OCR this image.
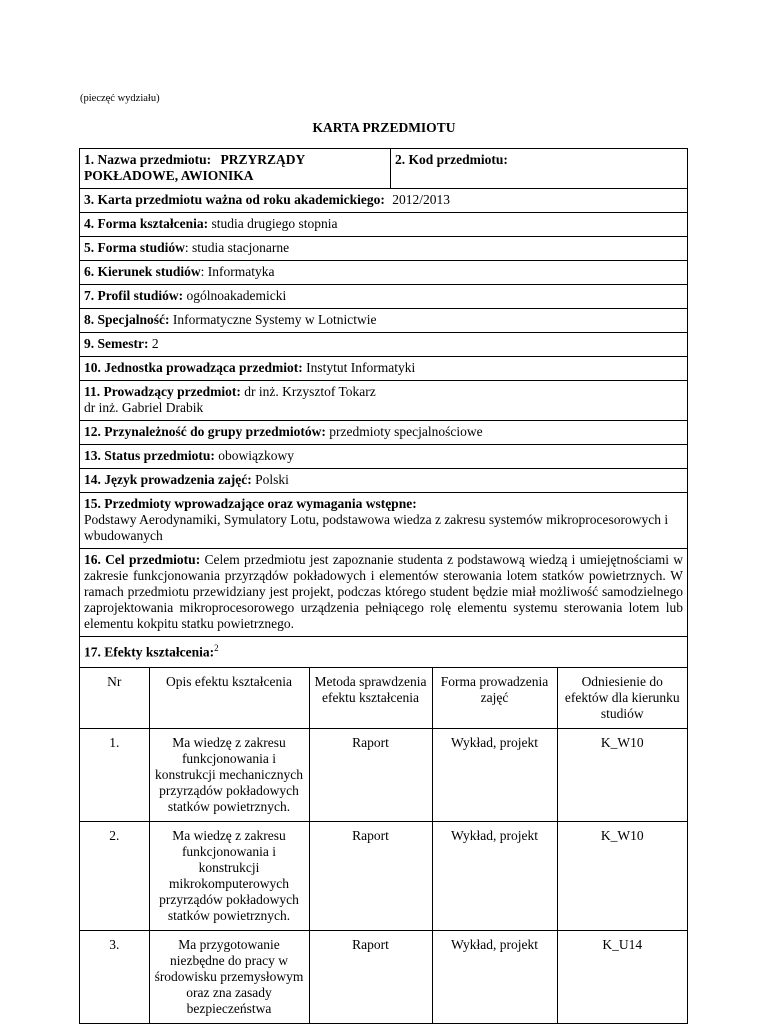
(pieczęć wydziału)
KARTA PRZEDMIOTU
1. Nazwa przedmiotu: PRZYRZĄDY
POKŁADOWE, AWIONIKA
2. Kod przedmiotu:
3. Karta przedmiotu ważna od roku akademickiego: 2012/2013
4. Forma kształcenia: studia drugiego stopnia
5. Forma studiów: studia stacjonarne
6. Kierunek studiów: Informatyka
7. Profil studiów: ogólnoakademicki
8. Specjalność: Informatyczne Systemy w Lotnictwie
9. Semestr: 2
10. Jednostka prowadząca przedmiot: Instytut Informatyki
11. Prowadzący przedmiot: dr inż. Krzysztof Tokarz
dr inż. Gabriel Drabik
12. Przynależność do grupy przedmiotów: przedmioty specjalnościowe
13. Status przedmiotu: obowiązkowy
14. Język prowadzenia zajęć: Polski
15. Przedmioty wprowadzające oraz wymagania wstępne:
Podstawy Aerodynamiki, Symulatory Lotu, podstawowa wiedza z zakresu systemów mikroprocesorowych i wbudowanych
16. Cel przedmiotu: Celem przedmiotu jest zapoznanie studenta z podstawową wiedzą i umiejętnościami w zakresie funkcjonowania przyrządów pokładowych i elementów sterowania lotem statków powietrznych. W ramach przedmiotu przewidziany jest projekt, podczas którego student będzie miał możliwość samodzielnego zaprojektowania mikroprocesorowego urządzenia pełniącego rolę elementu systemu sterowania lotem lub elementu kokpitu statku powietrznego.
17. Efekty kształcenia:$^2$
Nr	Opis efektu kształcenia	Metoda sprawdzenia efektu kształcenia	Forma prowadzenia zajęć	Odniesienie do efektów dla kierunku studiów
1.	Ma wiedzę z zakresu funkcjonowania i konstrukcji mechanicznych przyrządów pokładowych statków powietrznych.	Raport	Wykład, projekt	K_W10
2.	Ma wiedzę z zakresu funkcjonowania i konstrukcji mikrokomputerowych przyrządów pokładowych statków powietrznych.	Raport	Wykład, projekt	K_W10
3.	Ma przygotowanie niezbędne do pracy w środowisku przemysłowym oraz zna zasady bezpieczeństwa	Raport	Wykład, projekt	K_U14
